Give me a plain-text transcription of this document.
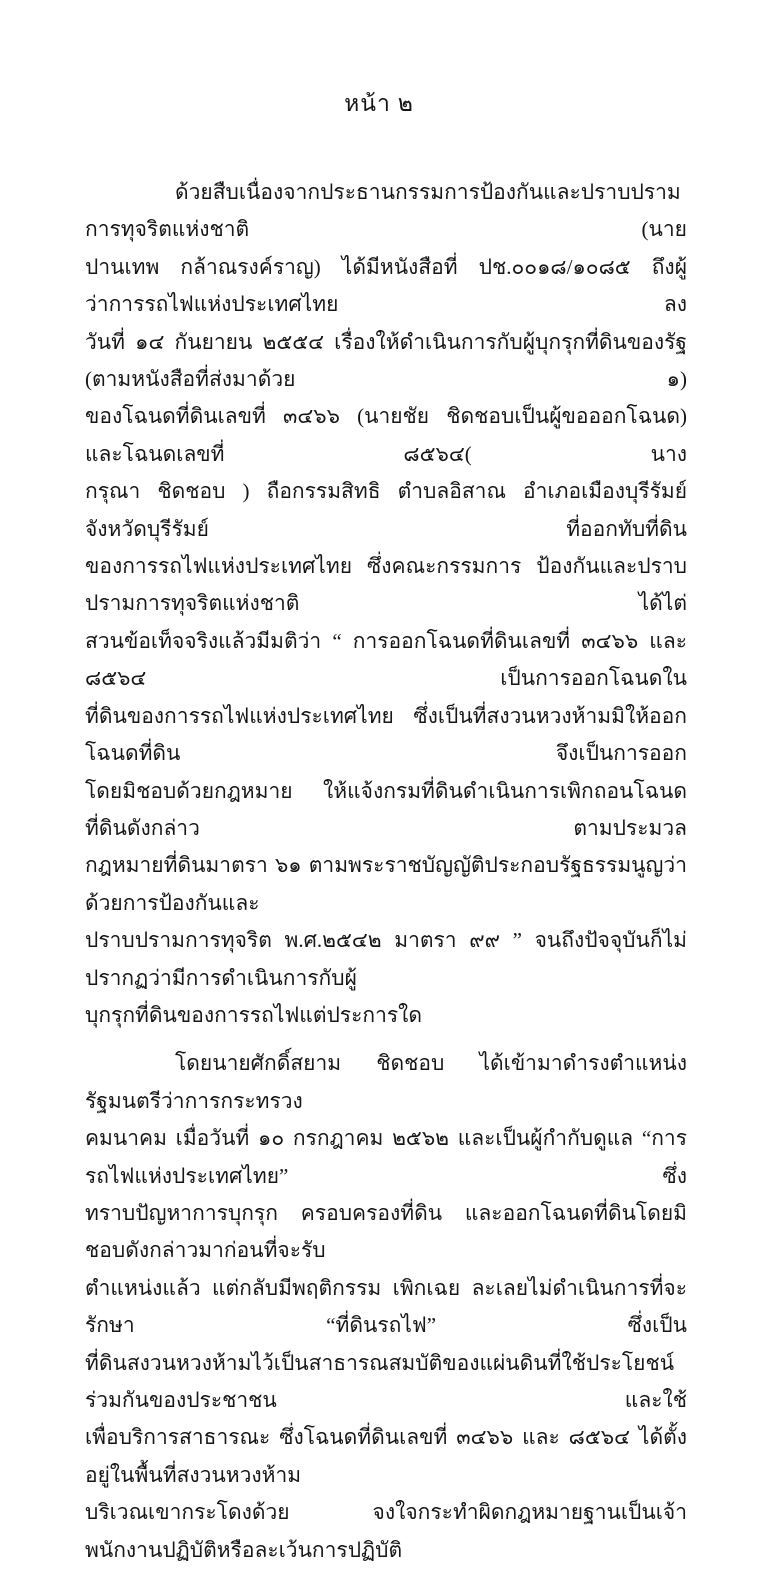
หน้า ๒
ด้วยสืบเนื่องจากประธานกรรมการป้องกันและปราบปรามการทุจริตแห่งชาติ (นาย
ปานเทพ กล้าณรงค์ราญ) ได้มีหนังสือที่ ปช.๐๐๑๘/๑๐๘๕ ถึงผู้ว่าการรถไฟแห่งประเทศไทย ลง
วันที่ ๑๔ กันยายน ๒๕๕๔ เรื่องให้ดำเนินการกับผู้บุกรุกที่ดินของรัฐ (ตามหนังสือที่ส่งมาด้วย ๑)
ของโฉนดที่ดินเลขที่ ๓๔๖๖ (นายชัย ชิดชอบเป็นผู้ขอออกโฉนด) และโฉนดเลขที่ ๘๕๖๔( นาง
กรุณา ชิดชอบ ) ถือกรรมสิทธิ ตำบลอิสาณ อำเภอเมืองบุรีรัมย์ จังหวัดบุรีรัมย์ ที่ออกทับที่ดิน
ของการรถไฟแห่งประเทศไทย ซึ่งคณะกรรมการ ป้องกันและปราบปรามการทุจริตแห่งชาติ ได้ไต่
สวนข้อเท็จจริงแล้วมีมติว่า “ การออกโฉนดที่ดินเลขที่ ๓๔๖๖ และ ๘๕๖๔ เป็นการออกโฉนดใน
ที่ดินของการรถไฟแห่งประเทศไทย ซึ่งเป็นที่สงวนหวงห้ามมิให้ออกโฉนดที่ดิน จึงเป็นการออก
โดยมิชอบด้วยกฎหมาย ให้แจ้งกรมที่ดินดำเนินการเพิกถอนโฉนดที่ดินดังกล่าว ตามประมวล
กฎหมายที่ดินมาตรา ๖๑ ตามพระราชบัญญัติประกอบรัฐธรรมนูญว่าด้วยการป้องกันและ
ปราบปรามการทุจริต พ.ศ.๒๕๔๒ มาตรา ๙๙ ” จนถึงปัจจุบันก็ไม่ปรากฏว่ามีการดำเนินการกับผู้
บุกรุกที่ดินของการรถไฟแต่ประการใด
โดยนายศักดิ์สยาม ชิดชอบ ได้เข้ามาดำรงตำแหน่งรัฐมนตรีว่าการกระทรวง
คมนาคม เมื่อวันที่ ๑๐ กรกฎาคม ๒๕๖๒ และเป็นผู้กำกับดูแล “การรถไฟแห่งประเทศไทย” ซึ่ง
ทราบปัญหาการบุกรุก ครอบครองที่ดิน และออกโฉนดที่ดินโดยมิชอบดังกล่าวมาก่อนที่จะรับ
ตำแหน่งแล้ว แต่กลับมีพฤติกรรม เพิกเฉย ละเลยไม่ดำเนินการที่จะรักษา “ที่ดินรถไฟ” ซึ่งเป็น
ที่ดินสงวนหวงห้ามไว้เป็นสาธารณสมบัติของแผ่นดินที่ใช้ประโยชน์ร่วมกันของประชาชน และใช้
เพื่อบริการสาธารณะ ซึ่งโฉนดที่ดินเลขที่ ๓๔๖๖ และ ๘๕๖๔ ได้ตั้งอยู่ในพื้นที่สงวนหวงห้าม
บริเวณเขากระโดงด้วย จงใจกระทำผิดกฎหมายฐานเป็นเจ้าพนักงานปฏิบัติหรือละเว้นการปฏิบัติ
